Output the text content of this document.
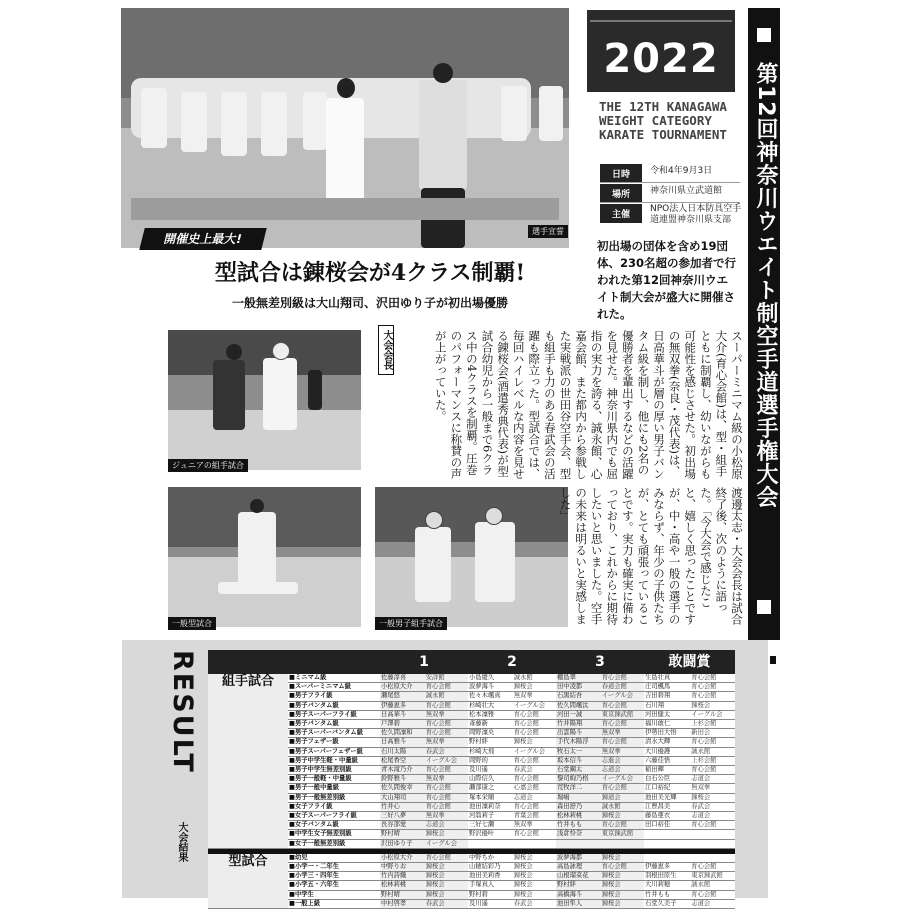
選手宣誓
開催史上最大!
2022
THE 12TH KANAGAWA
WEIGHT CATEGORY
KARATE TOURNAMENT
日時	令和4年9月3日
場所	神奈川県立武道館
主催
NPO法人日本防具空手道連盟神奈川県支部
初出場の団体を含め19団体、230名超の参加者で行われた第12回神奈川ウエイト制大会が盛大に開催された。	第12回神奈川ウエイト制空手道選手権大会
型試合は錬桜会が4クラス制覇!
一般無差別級は大山翔司、沢田ゆり子が初出場優勝
ジュニアの組手試合
一般型試合	一般男子組手試合
スーパーミニマム級の小松原大介(育心会館)は、型・組手ともに制覇し、幼いながらも可能性を感じさせた。初出場の無双拳(奈良・茂代表)は、日高華斗が層の厚い男子バンタム級を制し、他にも2名の優勝者を輩出するなどの活躍を見せた。神奈川県内でも屈指の実力を誇る、誠永館、心嘉会館、また都内から参戦した実戦派の世田谷空手会、型も組手も力のある春武会の活躍も際立った。型試合では、毎回ハイレベルな内容を見せる錬桜会(酒遣秀典代表)が型試合幼児から一般まで6クラス中の4クラスを制覇。圧巻のパフォーマンスに称賛の声が上がっていた。
大会会長
渡邊太志・大会会長は試合終了後、次のように語った。「今大会で感じたこと、嬉しく思ったことですが、中・高や一般の選手のみならず、年少の子供たちが、とても頑張っていることです。実力も確実に備わっており、これからに期待したいと思いました。空手の未来は明るいと実感しました」
RESULT
大会結果
		1	2	3	敢闘賞
組手試合	■ミニマム級	佐藤淳喜 安詳館	小島慶久 誠永館	棚島翠 育心会館	生島壮真 育心会館
	■スーパーミニマム級	小松原大介 育心会館	波夢海斗 錬桜会	田中凌都 春道会館	庄司楓馬 育心会館
	■男子フライ級	瀬尾悠 誠永館	佐々木颯真 無双拳	石黒結吾 イーグル会	吉田碧翔 育心会館
	■男子バンタム級	伊藤恵多 育心会館	杉崎壮大 イーグル会	佐久間颯汰 育心会館	石川翔 錬桜会
	■男子スーパーフライ級	日高華斗 無双拳	松本凜雅 育心会館	河田一誠 東京錬武館	河田健太 イーグル会
	■男子バンタム級	戸澤碧 育心会館	斎藤新 育心会館	竹井陽翔 育心会館	福川敢仁 上杉会館
	■男子スーパーバンタム級	佐久間凜和 育心会館	岡野凜央 育心会館	出雲陽斗 無双拳	伊勢田大悟 新田会
	■男子フェザー級	日高雅斗 無双拳	野村絆 錬桜会	手代木陽浮 育心会館	清水大輝 育心会館
	■男子スーパーフェザー級	石川太陽 春武会	杉崎大飛 イーグル会	牧石太一 無双拳	大川優護 誠永館
	■男子中学生軽・中量級	松尾香空 イーグル会	岡野的 育心会館	坂本信斗 志進会	六藤佳悟 上杉会館
	■男子中学生無差別級	青木滝乃介 育心会館	及川遥 春武会	石堂鋼太 志道会	稲田輝 育心会館
	■男子一般軽・中量級	鈴野雅斗 無双拳	山際信久 育心会館	黎司絢乃格 イーグル会	白石公臣 志道会
	■男子一般中量級	佐久間俊幸 育心会館	瀬部康之 心嘉会館	荒牧洋二 育心会館	江口裕紀 無双拳
	■男子一般無差別級	大山翔司 育心会館	塚本栄順 志道会	堀嶋 錬道会	池田美光輝 錬桜会
	■女子フライ級	竹井心 育心会館	池田凜莉奈 育心会館	森田舒乃 誠永館	江豊昌美 春武会
	■女子スーパーフライ級	三好八夢 無双拳	河翁莉子 青葉会館	松林莉桃 錬桜会	藤島亜衣 志道会
	■女子バンタム級	長谷部愛 志道会	三好七瀬 無双拳	竹井もも 育心会館	田口裕佳 育心会館
	■中学生女子無差別級	野村晴 錬桜会	野沢優叶 育心会館	浅倉怜奈 東京錬武館	
	■女子一般無差別級	沢田ゆり子 イーグル会			

型試合	■幼児	小松原大介 育心会館	中野ちか 錬桜会	波夢海都 錬桜会	
	■小学一・二年生	中野りお 錬桜会	山穂結彩乃 錬桜会	高島詠理 育心会館	伊藤恵多 育心会館
	■小学三・四年生	竹内詩織 錬桜会	池田美莉香 錬桜会	山根瑠菜花 錬桜会	羽根田原生 東京錬武館
	■小学五・六年生	松林莉桃 錬桜会	手塚真人 錬桜会	野村絆 錬桜会	大川莉穂 誠永館
	■中学生	野村晴 錬桜会	野村碧 錬桜会	高橋海斗 錬桜会	竹井もも 育心会館
	■一般上級	中村啓孝 春武会	及川遥 春武会	池田隼人 錬桜会	石堂久美子 志道会
